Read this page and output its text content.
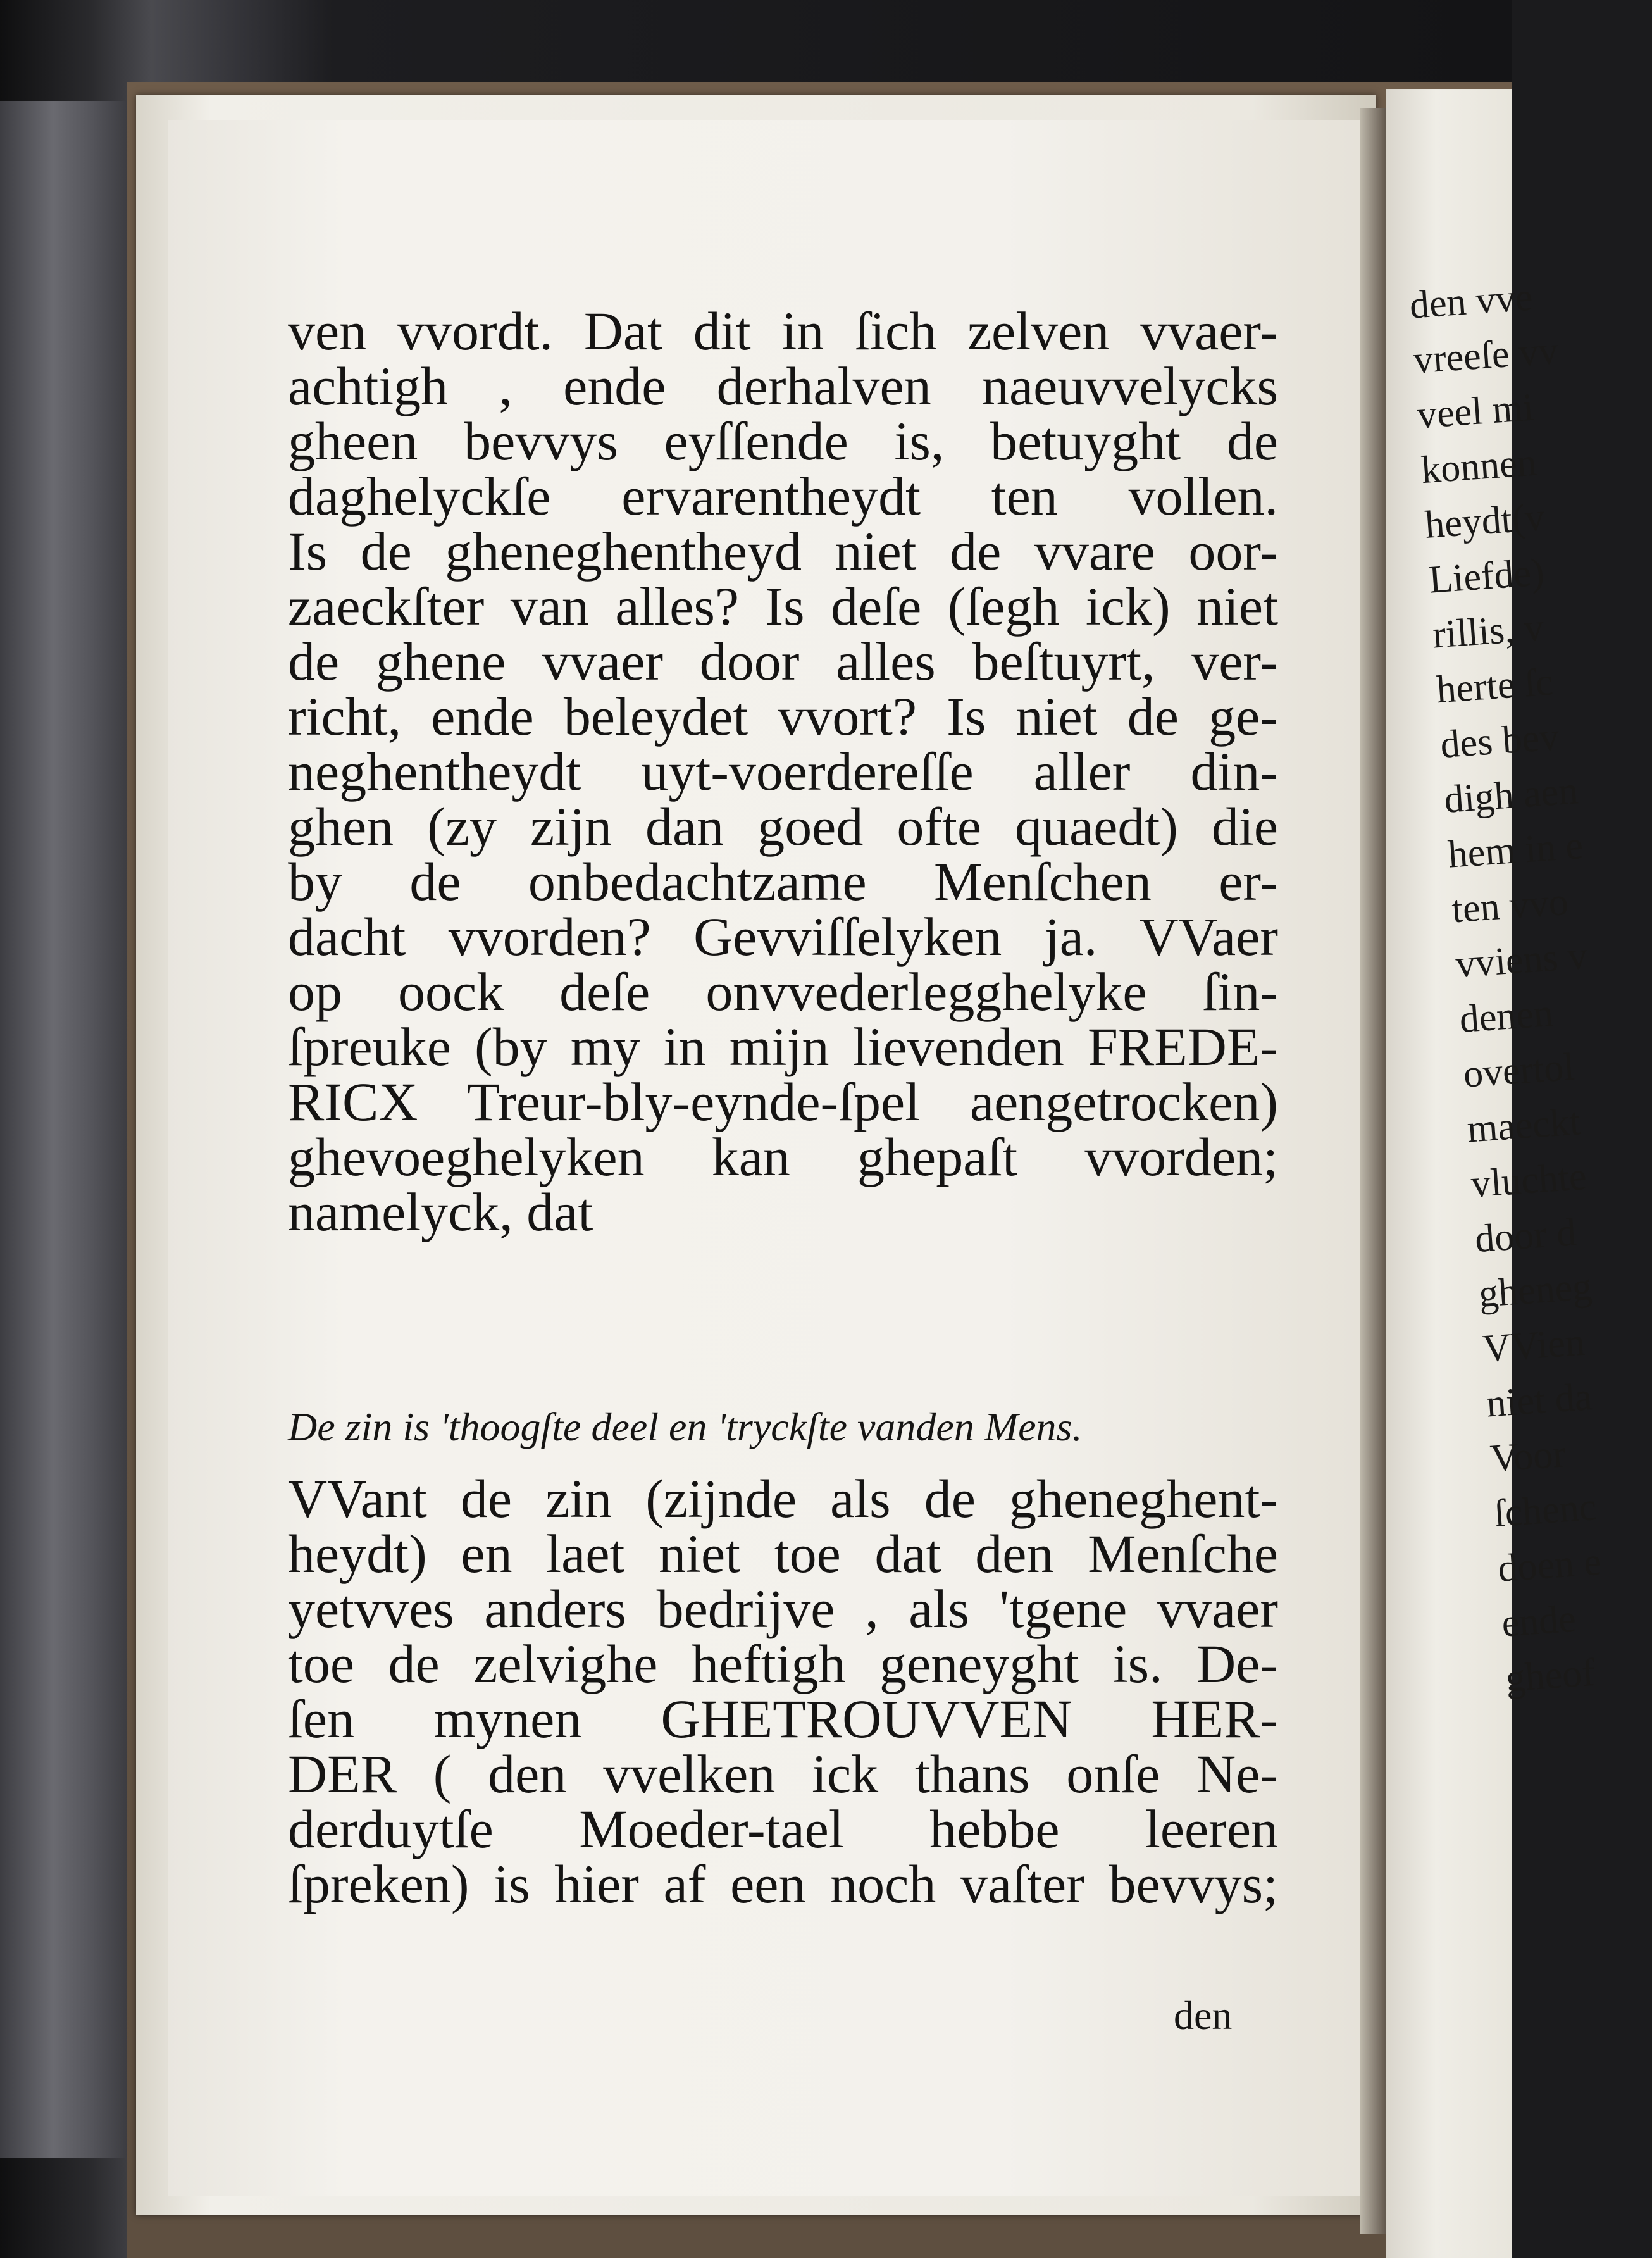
ven vvordt. Dat dit in ſich zelven vvaer-
achtigh , ende derhalven naeuvvelycks
gheen bevvys eyſſende is, betuyght de
daghelyckſe ervarentheydt ten vollen.
Is de gheneghentheyd niet de vvare oor-
zaeckſter van alles? Is deſe (ſegh ick) niet
de ghene vvaer door alles beſtuyrt, ver-
richt, ende beleydet vvort? Is niet de ge-
neghentheydt uyt-voerdereſſe aller din-
ghen (zy zijn dan goed ofte quaedt) die
by de onbedachtzame Menſchen er-
dacht vvorden? Gevviſſelyken ja. VVaer
op oock deſe onvvederlegghelyke ſin-
ſpreuke (by my in mijn lievenden FREDE-
RICX Treur-bly-eynde-ſpel aengetrocken)
ghevoeghelyken kan ghepaſt vvorden;
namelyck, dat
De zin is 'thoogſte deel en 'tryckſte vanden Mens.
VVant de zin (zijnde als de gheneghent-
heydt) en laet niet toe dat den Menſche
yetvves anders bedrijve , als 'tgene vvaer
toe de zelvighe heftigh geneyght is. De-
ſen mynen GHETROUVVEN HER-
DER ( den vvelken ick thans onſe Ne-
derduytſe Moeder-tael hebbe leeren
ſpreken) is hier af een noch vaſter bevvys;
den
den vve
vreeſe vv
veel mi
konnen
heydt(v
Liefde)
rillis, v
herte ſc
des bev
digh aen
hem in e
ten vvo
vviens v
denen
overtol
maeckt
vluchte
door d
gheneg
VVien
niet da
Voor
ſchenc
doen e
ende
gheof
